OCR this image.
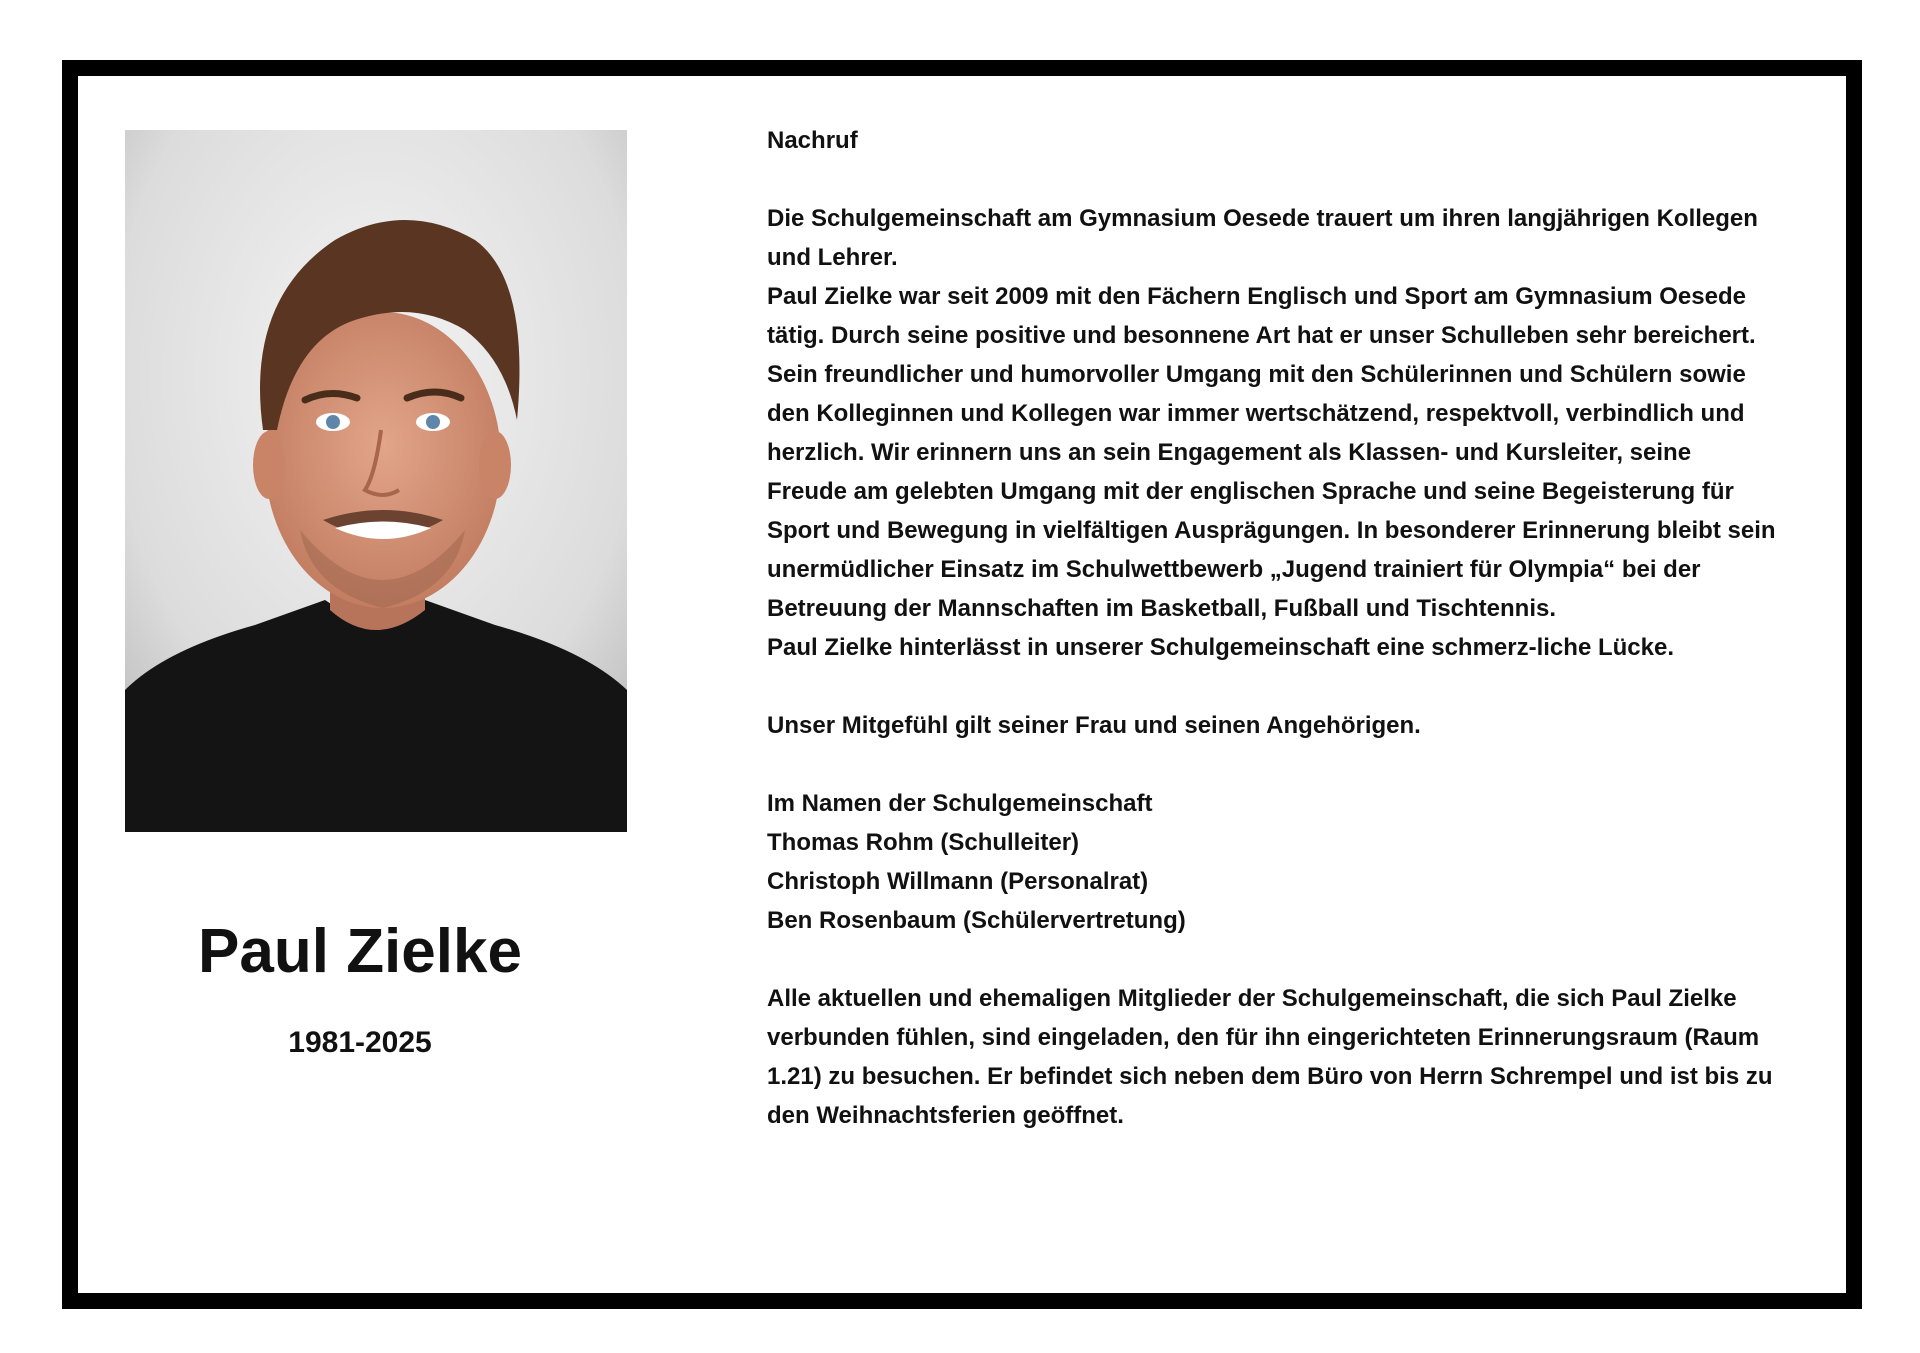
Paul Zielke
1981-2025

Nachruf

Die Schulgemeinschaft am Gymnasium Oesede trauert um ihren langjährigen Kollegen und Lehrer.

Paul Zielke war seit 2009 mit den Fächern Englisch und Sport am Gymnasium Oesede tätig. Durch seine positive und besonnene Art hat er unser Schulleben sehr bereichert. Sein freundlicher und humorvoller Umgang mit den Schülerinnen und Schülern sowie den Kolleginnen und Kollegen war immer wertschätzend, respektvoll, verbindlich und herzlich. Wir erinnern uns an sein Engagement als Klassen- und Kursleiter, seine Freude am gelebten Umgang mit der englischen Sprache und seine Begeisterung für Sport und Bewegung in vielfältigen Ausprägungen. In besonderer Erinnerung bleibt sein unermüdlicher Einsatz im Schulwettbewerb „Jugend trainiert für Olympia“ bei der Betreuung der Mannschaften im Basketball, Fußball und Tischtennis.

Paul Zielke hinterlässt in unserer Schulgemeinschaft eine schmerz-liche Lücke.

Unser Mitgefühl gilt seiner Frau und seinen Angehörigen.

Im Namen der Schulgemeinschaft

Thomas Rohm (Schulleiter)

Christoph Willmann (Personalrat)

Ben Rosenbaum (Schülervertretung)

Alle aktuellen und ehemaligen Mitglieder der Schulgemeinschaft, die sich Paul Zielke verbunden fühlen, sind eingeladen, den für ihn eingerichteten Erinnerungsraum (Raum 1.21) zu besuchen. Er befindet sich neben dem Büro von Herrn Schrempel und ist bis zu den Weihnachtsferien geöffnet.
